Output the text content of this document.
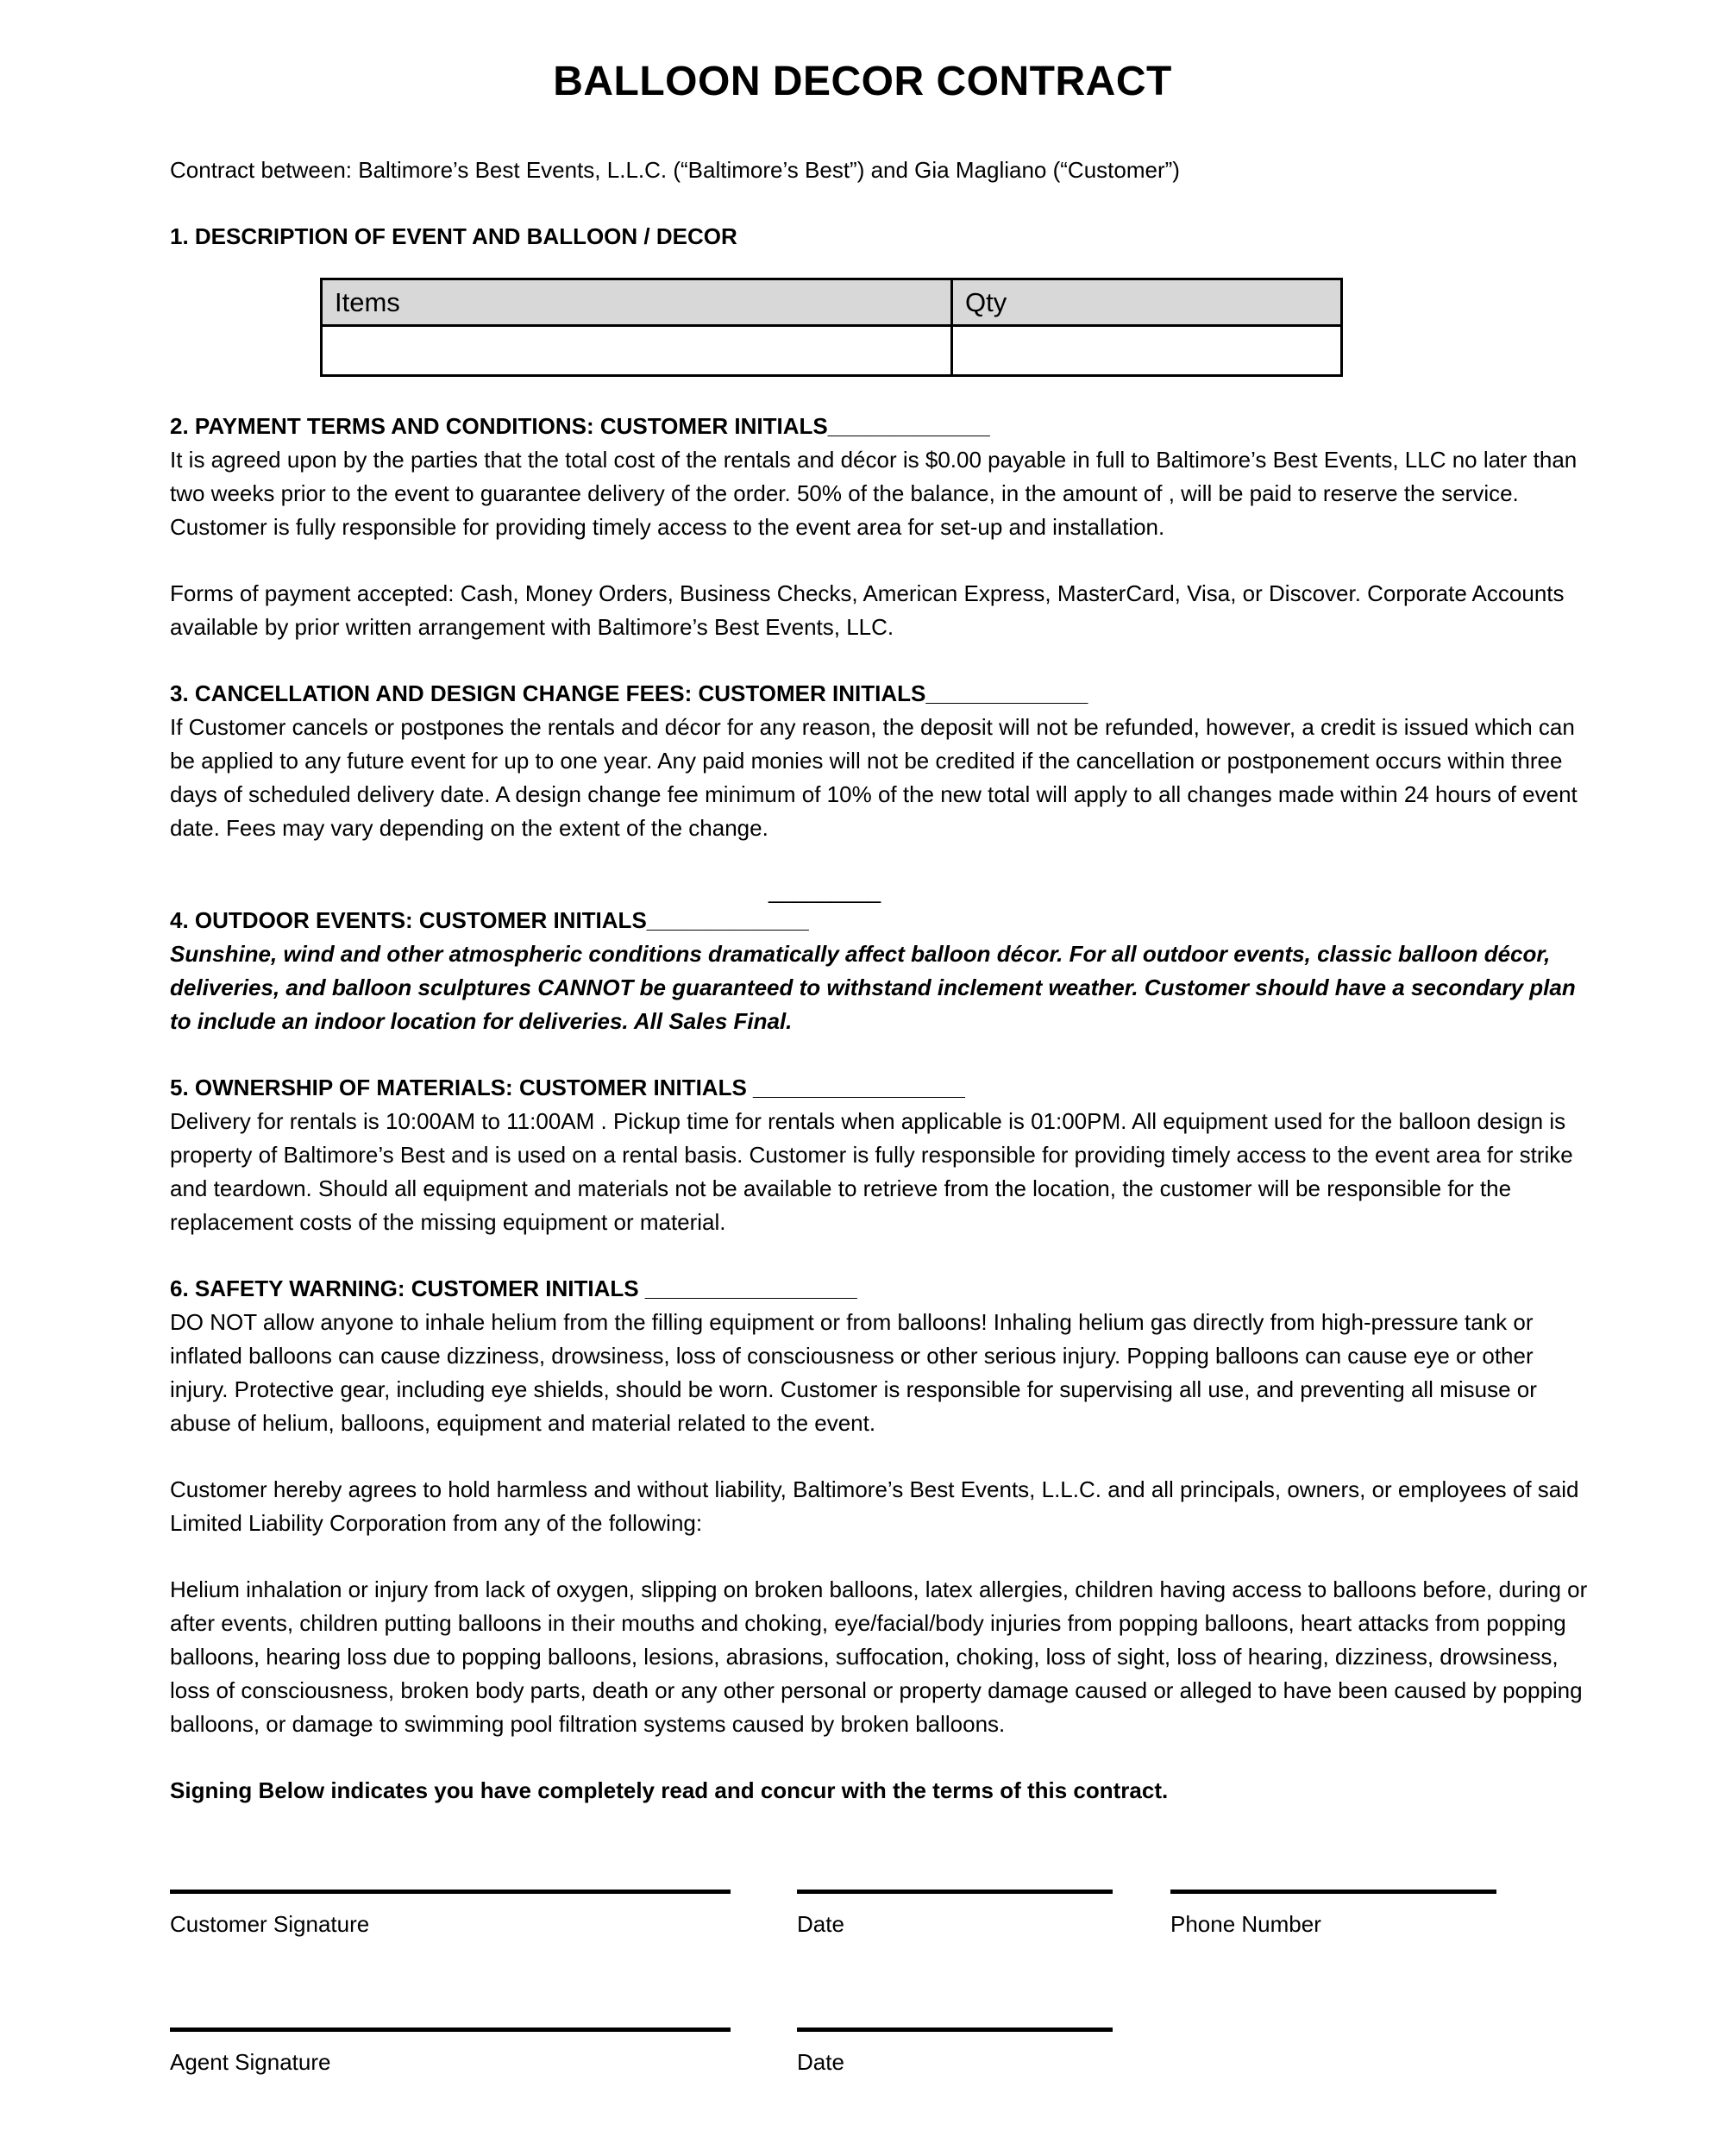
BALLOON DECOR CONTRACT

Contract between: Baltimore’s Best Events, L.L.C. (“Baltimore’s Best”) and Gia Magliano (“Customer”)

1. DESCRIPTION OF EVENT AND BALLOON / DECOR

Items	Qty

2. PAYMENT TERMS AND CONDITIONS: CUSTOMER INITIALS_____________

It is agreed upon by the parties that the total cost of the rentals and décor is $0.00 payable in full to Baltimore’s Best Events, LLC no later than two weeks prior to the event to guarantee delivery of the order. 50% of the balance, in the amount of , will be paid to reserve the service. Customer is fully responsible for providing timely access to the event area for set-up and installation.

Forms of payment accepted: Cash, Money Orders, Business Checks, American Express, MasterCard, Visa, or Discover. Corporate Accounts available by prior written arrangement with Baltimore’s Best Events, LLC.

3. CANCELLATION AND DESIGN CHANGE FEES: CUSTOMER INITIALS_____________

If Customer cancels or postpones the rentals and décor for any reason, the deposit will not be refunded, however, a credit is issued which can be applied to any future event for up to one year. Any paid monies will not be credited if the cancellation or postponement occurs within three days of scheduled delivery date. A design change fee minimum of 10% of the new total will apply to all changes made within 24 hours of event date. Fees may vary depending on the extent of the change.

_________

4. OUTDOOR EVENTS: CUSTOMER INITIALS_____________

Sunshine, wind and other atmospheric conditions dramatically affect balloon décor. For all outdoor events, classic balloon décor, deliveries, and balloon sculptures CANNOT be guaranteed to withstand inclement weather. Customer should have a secondary plan to include an indoor location for deliveries. All Sales Final.

5. OWNERSHIP OF MATERIALS: CUSTOMER INITIALS _________________

Delivery for rentals is 10:00AM to 11:00AM . Pickup time for rentals when applicable is 01:00PM. All equipment used for the balloon design is property of Baltimore’s Best and is used on a rental basis. Customer is fully responsible for providing timely access to the event area for strike and teardown. Should all equipment and materials not be available to retrieve from the location, the customer will be responsible for the replacement costs of the missing equipment or material.

6. SAFETY WARNING: CUSTOMER INITIALS _________________

DO NOT allow anyone to inhale helium from the filling equipment or from balloons! Inhaling helium gas directly from high-pressure tank or inflated balloons can cause dizziness, drowsiness, loss of consciousness or other serious injury. Popping balloons can cause eye or other injury. Protective gear, including eye shields, should be worn. Customer is responsible for supervising all use, and preventing all misuse or abuse of helium, balloons, equipment and material related to the event.

Customer hereby agrees to hold harmless and without liability, Baltimore’s Best Events, L.L.C. and all principals, owners, or employees of said Limited Liability Corporation from any of the following:

Helium inhalation or injury from lack of oxygen, slipping on broken balloons, latex allergies, children having access to balloons before, during or after events, children putting balloons in their mouths and choking, eye/facial/body injuries from popping balloons, heart attacks from popping balloons, hearing loss due to popping balloons, lesions, abrasions, suffocation, choking, loss of sight, loss of hearing, dizziness, drowsiness, loss of consciousness, broken body parts, death or any other personal or property damage caused or alleged to have been caused by popping balloons, or damage to swimming pool filtration systems caused by broken balloons.

Signing Below indicates you have completely read and concur with the terms of this contract.

Customer Signature	Date	Phone Number
Agent Signature	Date
